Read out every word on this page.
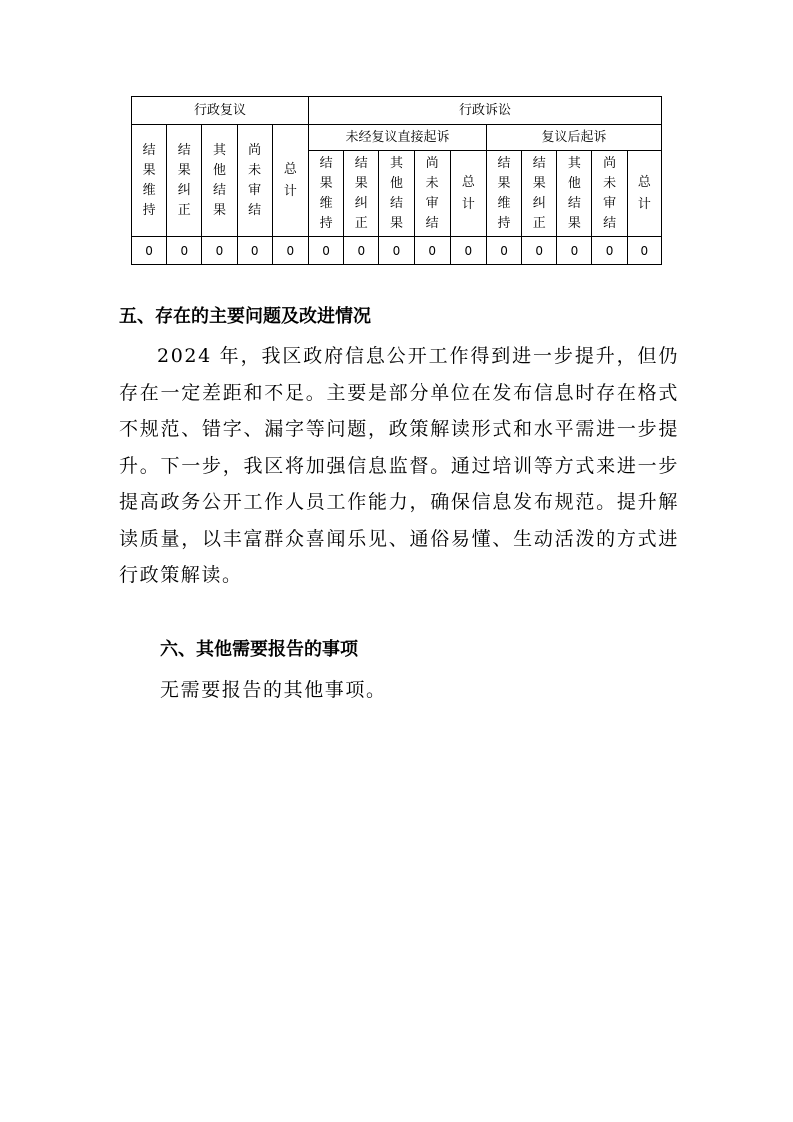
行政复议					行政诉讼									
结果维持	结果纠正	其他结果	尚未审结	总计	未经复议直接起诉					复议后起诉				
					结果维持	结果纠正	其他结果	尚未审结	总计	结果维持	结果纠正	其他结果	尚未审结	总计
0	0	0	0	0	0	0	0	0	0	0	0	0	0	0
五、存在的主要问题及改进情况

2024 年，我区政府信息公开工作得到进一步提升，但仍存在一定差距和不足。主要是部分单位在发布信息时存在格式不规范、错字、漏字等问题，政策解读形式和水平需进一步提升。下一步，我区将加强信息监督。通过培训等方式来进一步提高政务公开工作人员工作能力，确保信息发布规范。提升解读质量，以丰富群众喜闻乐见、通俗易懂、生动活泼的方式进行政策解读。

六、其他需要报告的事项

无需要报告的其他事项。
